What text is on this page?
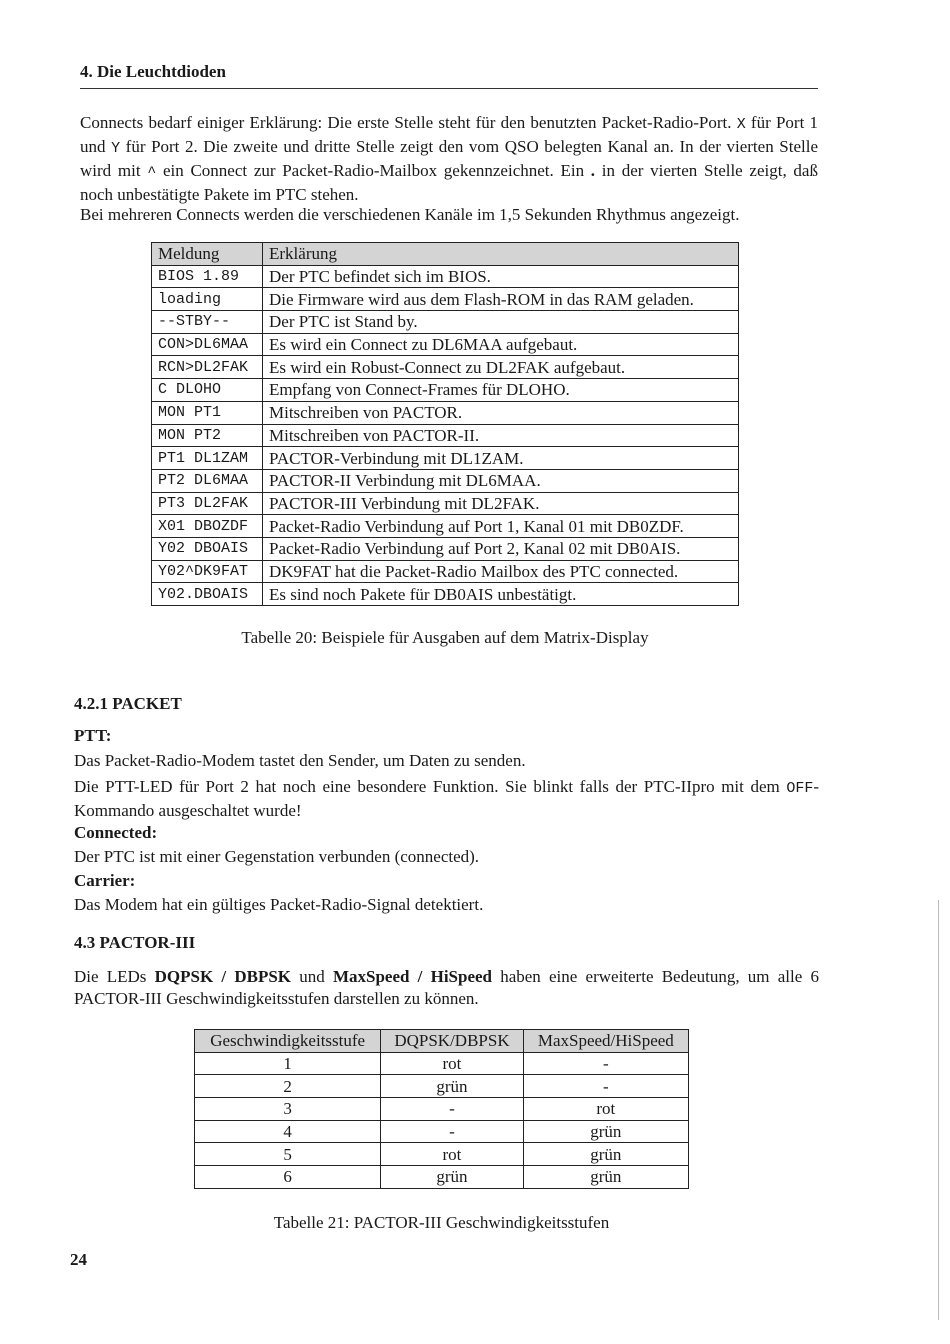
4. Die Leuchtdioden

Connects bedarf einiger Erklärung: Die erste Stelle steht für den benutzten Packet-Radio-Port. X für Port 1 und Y für Port 2. Die zweite und dritte Stelle zeigt den vom QSO belegten Kanal an. In der vierten Stelle wird mit ^ ein Connect zur Packet-Radio-Mailbox gekennzeichnet. Ein . in der vierten Stelle zeigt, daß noch unbestätigte Pakete im PTC stehen.

Bei mehreren Connects werden die verschiedenen Kanäle im 1,5 Sekunden Rhythmus angezeigt.

Meldung	Erklärung
BIOS 1.89	Der PTC befindet sich im BIOS.
loading	Die Firmware wird aus dem Flash-ROM in das RAM geladen.
--STBY--	Der PTC ist Stand by.
CON>DL6MAA	Es wird ein Connect zu DL6MAA aufgebaut.
RCN>DL2FAK	Es wird ein Robust-Connect zu DL2FAK aufgebaut.
C DLOHO	Empfang von Connect-Frames für DLOHO.
MON PT1	Mitschreiben von PACTOR.
MON PT2	Mitschreiben von PACTOR-II.
PT1 DL1ZAM	PACTOR-Verbindung mit DL1ZAM.
PT2 DL6MAA	PACTOR-II Verbindung mit DL6MAA.
PT3 DL2FAK	PACTOR-III Verbindung mit DL2FAK.
X01 DBOZDF	Packet-Radio Verbindung auf Port 1, Kanal 01 mit DB0ZDF.
Y02 DBOAIS	Packet-Radio Verbindung auf Port 2, Kanal 02 mit DB0AIS.
Y02^DK9FAT	DK9FAT hat die Packet-Radio Mailbox des PTC connected.
Y02.DBOAIS	Es sind noch Pakete für DB0AIS unbestätigt.
Tabelle 20: Beispiele für Ausgaben auf dem Matrix-Display
4.2.1 PACKET
PTT:

Das Packet-Radio-Modem tastet den Sender, um Daten zu senden.

Die PTT-LED für Port 2 hat noch eine besondere Funktion. Sie blinkt falls der PTC-IIpro mit dem OFF-Kommando ausgeschaltet wurde!

Connected:

Der PTC ist mit einer Gegenstation verbunden (connected).

Carrier:

Das Modem hat ein gültiges Packet-Radio-Signal detektiert.

4.3 PACTOR-III

Die LEDs DQPSK / DBPSK und MaxSpeed / HiSpeed haben eine erweiterte Bedeutung, um alle 6 PACTOR-III Geschwindigkeitsstufen darstellen zu können.

Geschwindigkeitsstufe	DQPSK/DBPSK	MaxSpeed/HiSpeed
1	rot	-
2	grün	-
3	-	rot
4	-	grün
5	rot	grün
6	grün	grün
Tabelle 21: PACTOR-III Geschwindigkeitsstufen
24
